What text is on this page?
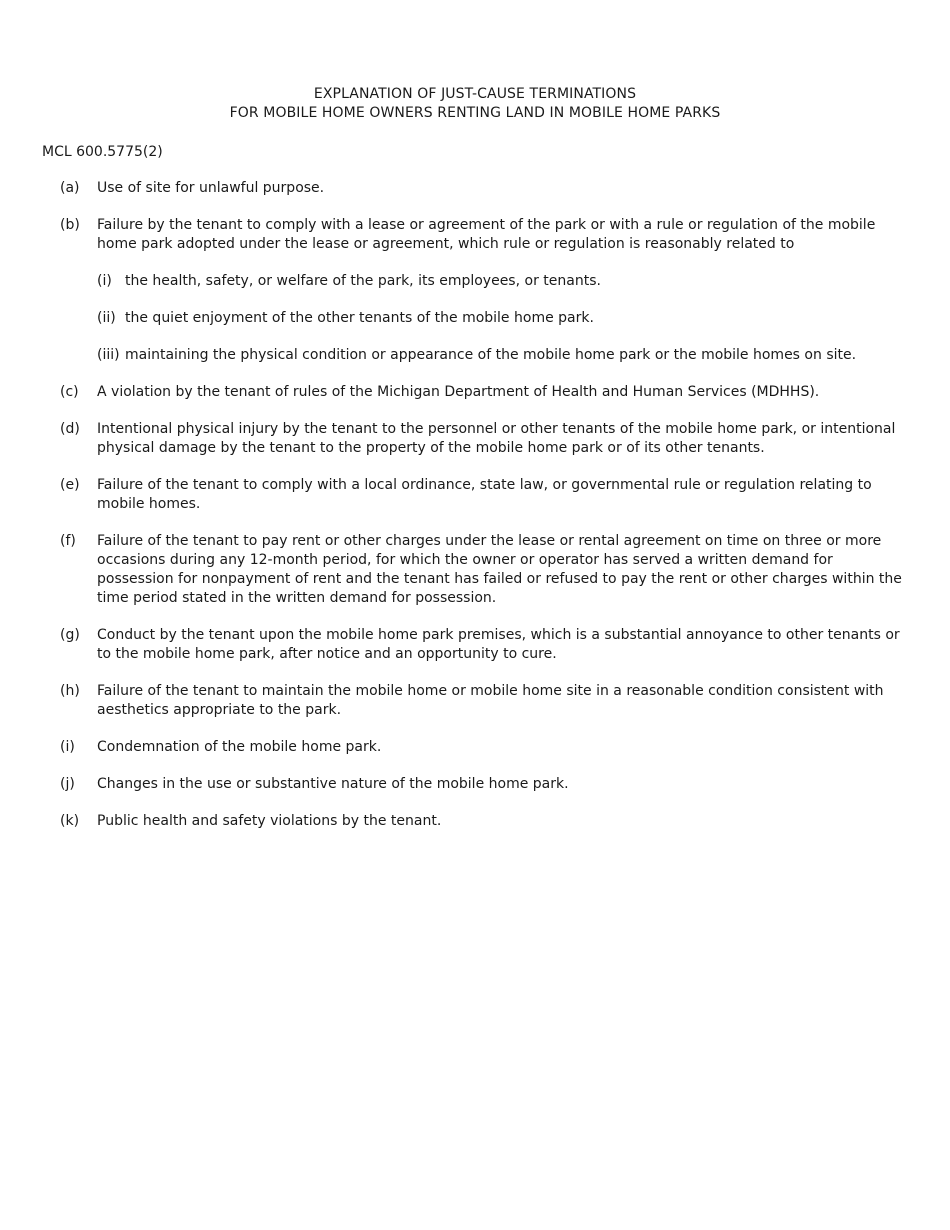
EXPLANATION OF JUST-CAUSE TERMINATIONS
FOR MOBILE HOME OWNERS RENTING LAND IN MOBILE HOME PARKS
MCL 600.5775(2)
(a)	Use of site for unlawful purpose.
(b)	Failure by the tenant to comply with a lease or agreement of the park or with a rule or regulation of the mobile home park adopted under the lease or agreement, which rule or regulation is reasonably related to
(i) the health, safety, or welfare of the park, its employees, or tenants.
(ii) the quiet enjoyment of the other tenants of the mobile home park.
(iii) maintaining the physical condition or appearance of the mobile home park or the mobile homes on site.
(c)	A violation by the tenant of rules of the Michigan Department of Health and Human Services (MDHHS).
(d)	Intentional physical injury by the tenant to the personnel or other tenants of the mobile home park, or intentional physical damage by the tenant to the property of the mobile home park or of its other tenants.
(e)	Failure of the tenant to comply with a local ordinance, state law, or governmental rule or regulation relating to mobile homes.
(f)	Failure of the tenant to pay rent or other charges under the lease or rental agreement on time on three or more occasions during any 12-month period, for which the owner or operator has served a written demand for possession for nonpayment of rent and the tenant has failed or refused to pay the rent or other charges within the time period stated in the written demand for possession.
(g)	Conduct by the tenant upon the mobile home park premises, which is a substantial annoyance to other tenants or to the mobile home park, after notice and an opportunity to cure.
(h)	Failure of the tenant to maintain the mobile home or mobile home site in a reasonable condition consistent with aesthetics appropriate to the park.
(i)	Condemnation of the mobile home park.
(j)	Changes in the use or substantive nature of the mobile home park.
(k)	Public health and safety violations by the tenant.
